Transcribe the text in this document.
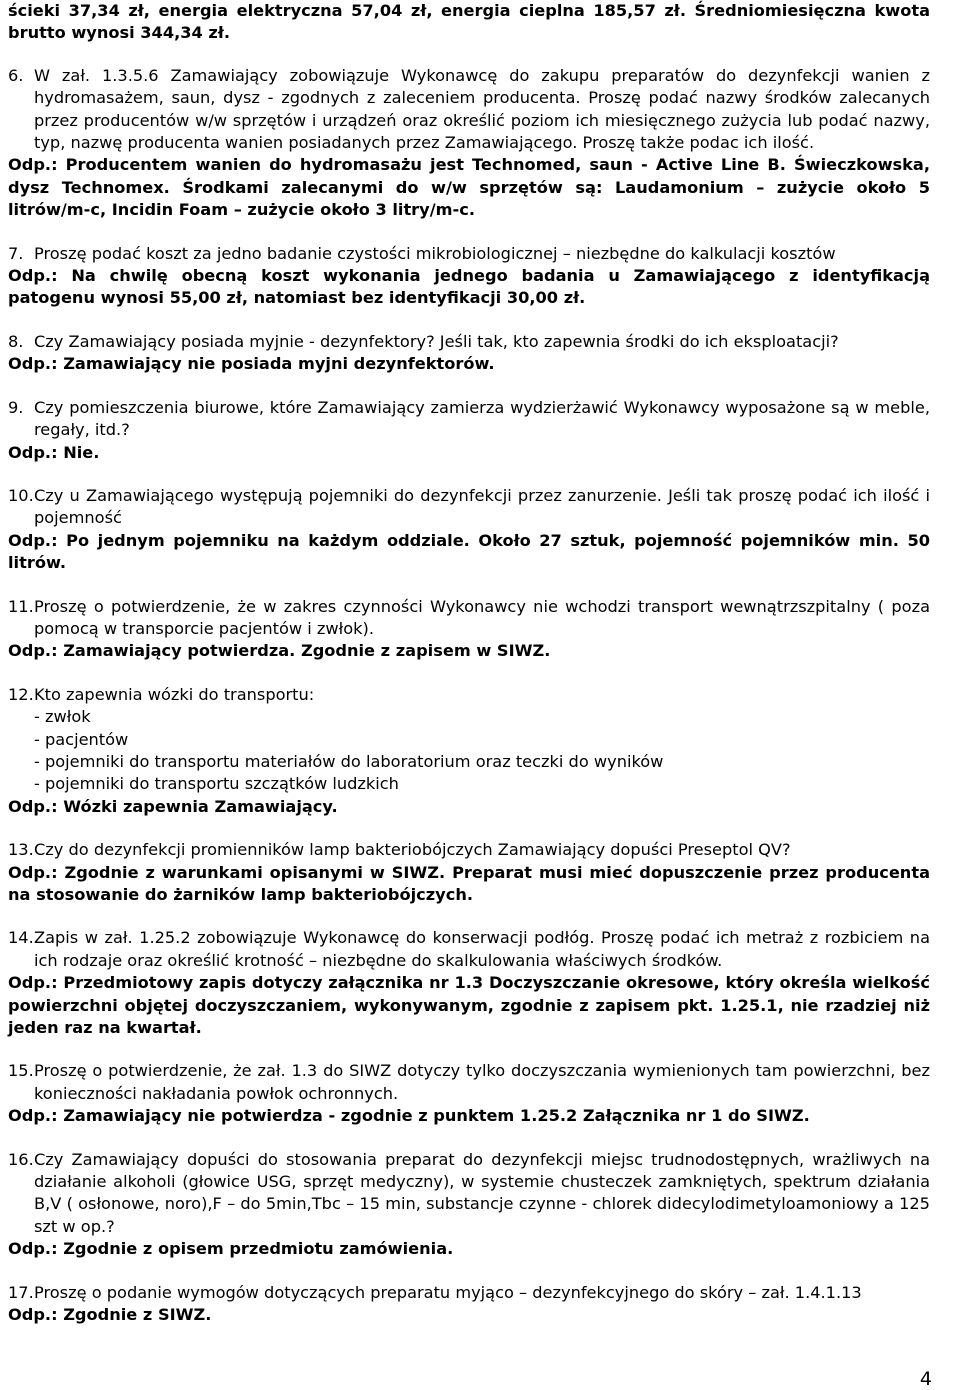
ścieki 37,34 zł, energia elektryczna 57,04 zł, energia cieplna 185,57 zł. Średniomiesięczna kwota brutto wynosi 344,34 zł.

6. W zał. 1.3.5.6 Zamawiający zobowiązuje Wykonawcę do zakupu preparatów do dezynfekcji wanien z hydromasażem, saun, dysz - zgodnych z zaleceniem producenta. Proszę podać nazwy środków zalecanych przez producentów w/w sprzętów i urządzeń oraz określić poziom ich miesięcznego zużycia lub podać nazwy, typ, nazwę producenta wanien posiadanych przez Zamawiającego. Proszę także podac ich ilość.

Odp.: Producentem wanien do hydromasażu jest Technomed, saun - Active Line B. Świeczkowska, dysz Technomex. Środkami zalecanymi do w/w sprzętów są: Laudamonium – zużycie około 5 litrów/m-c, Incidin Foam – zużycie około 3 litry/m-c.

7. Proszę podać koszt za jedno badanie czystości mikrobiologicznej – niezbędne do kalkulacji kosztów

Odp.: Na chwilę obecną koszt wykonania jednego badania u Zamawiającego z identyfikacją patogenu wynosi 55,00 zł, natomiast bez identyfikacji 30,00 zł.

8. Czy Zamawiający posiada myjnie - dezynfektory? Jeśli tak, kto zapewnia środki do ich eksploatacji?

Odp.: Zamawiający nie posiada myjni dezynfektorów.

9. Czy pomieszczenia biurowe, które Zamawiający zamierza wydzierżawić Wykonawcy wyposażone są w meble, regały, itd.?

Odp.: Nie.

10. Czy u Zamawiającego występują pojemniki do dezynfekcji przez zanurzenie. Jeśli tak proszę podać ich ilość i pojemność

Odp.: Po jednym pojemniku na każdym oddziale. Około 27 sztuk, pojemność pojemników min. 50 litrów.

11. Proszę o potwierdzenie, że w zakres czynności Wykonawcy nie wchodzi transport wewnątrzszpitalny ( poza pomocą w transporcie pacjentów i zwłok).

Odp.: Zamawiający potwierdza. Zgodnie z zapisem w SIWZ.

12. Kto zapewnia wózki do transportu:

- zwłok

- pacjentów

- pojemniki do transportu materiałów do laboratorium oraz teczki do wyników

- pojemniki do transportu szczątków ludzkich

Odp.: Wózki zapewnia Zamawiający.

13. Czy do dezynfekcji promienników lamp bakteriobójczych Zamawiający dopuści Preseptol QV?

Odp.: Zgodnie z warunkami opisanymi w SIWZ. Preparat musi mieć dopuszczenie przez producenta na stosowanie do żarników lamp bakteriobójczych.

14. Zapis w zał. 1.25.2 zobowiązuje Wykonawcę do konserwacji podłóg. Proszę podać ich metraż z rozbiciem na ich rodzaje oraz określić krotność – niezbędne do skalkulowania właściwych środków.

Odp.: Przedmiotowy zapis dotyczy załącznika nr 1.3 Doczyszczanie okresowe, który określa wielkość powierzchni objętej doczyszczaniem, wykonywanym, zgodnie z zapisem pkt. 1.25.1, nie rzadziej niż jeden raz na kwartał.

15. Proszę o potwierdzenie, że zał. 1.3 do SIWZ dotyczy tylko doczyszczania wymienionych tam powierzchni, bez konieczności nakładania powłok ochronnych.

Odp.: Zamawiający nie potwierdza - zgodnie z punktem 1.25.2 Załącznika nr 1 do SIWZ.

16. Czy Zamawiający dopuści do stosowania preparat do dezynfekcji miejsc trudnodostępnych, wrażliwych na działanie alkoholi (głowice USG, sprzęt medyczny), w systemie chusteczek zamkniętych, spektrum działania B,V ( osłonowe, noro),F – do 5min,Tbc – 15 min, substancje czynne - chlorek didecylodimetyloamoniowy a 125 szt w op.?

Odp.: Zgodnie z opisem przedmiotu zamówienia.

17. Proszę o podanie wymogów dotyczących preparatu myjąco – dezynfekcyjnego do skóry – zał. 1.4.1.13

Odp.: Zgodnie z SIWZ.

4
